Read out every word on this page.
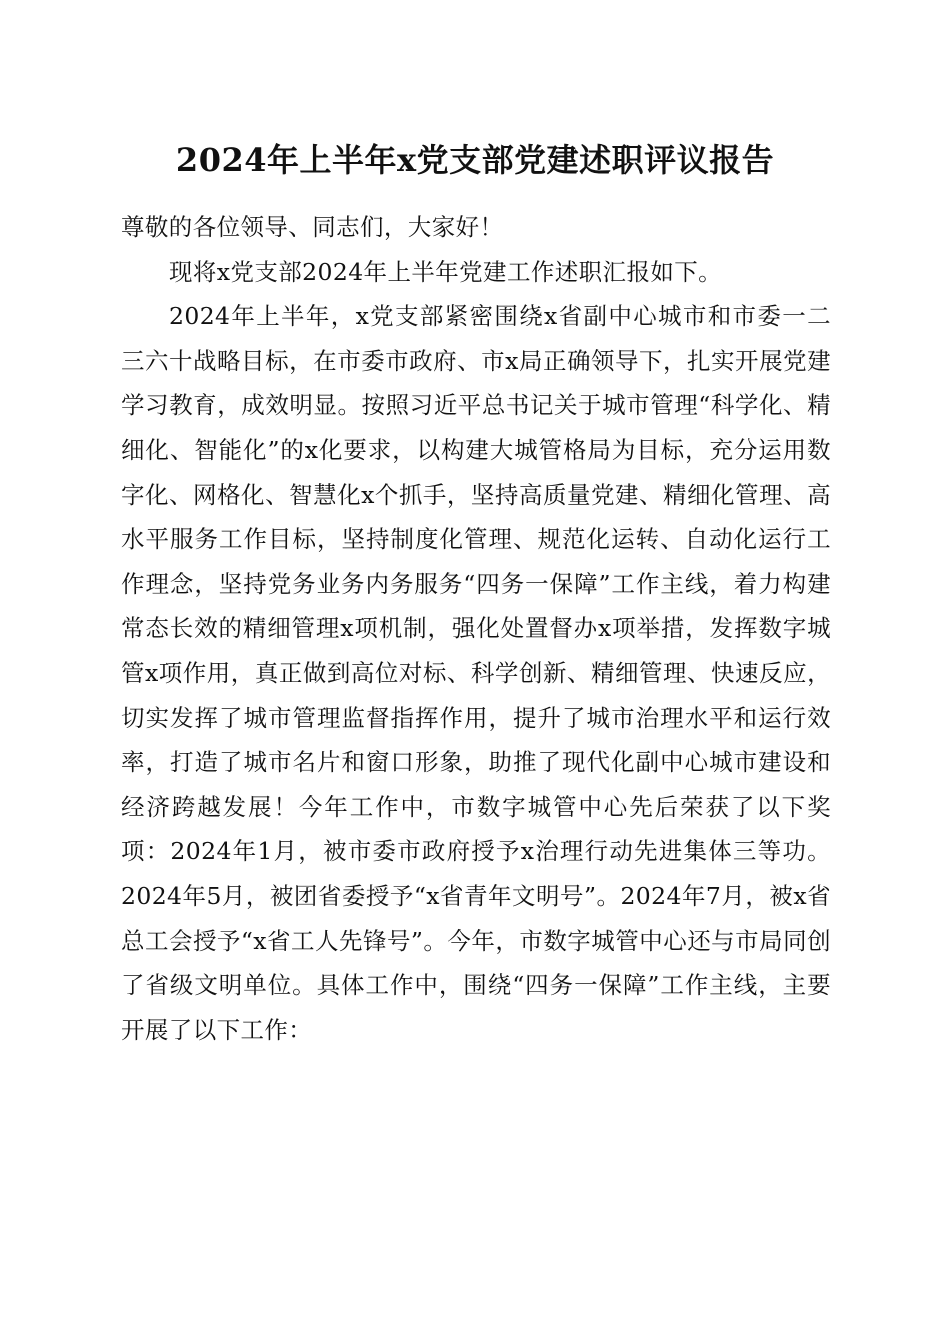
2024年上半年x党支部党建述职评议报告

尊敬的各位领导、同志们，大家好！

现将x党支部2024年上半年党建工作述职汇报如下。

2024年上半年，x党支部紧密围绕x省副中心城市和市委一二三六十战略目标，在市委市政府、市x局正确领导下，扎实开展党建学习教育，成效明显。按照习近平总书记关于城市管理“科学化、精细化、智能化”的x化要求，以构建大城管格局为目标，充分运用数字化、网格化、智慧化x个抓手，坚持高质量党建、精细化管理、高水平服务工作目标，坚持制度化管理、规范化运转、自动化运行工作理念，坚持党务业务内务服务“四务一保障”工作主线，着力构建常态长效的精细管理x项机制，强化处置督办x项举措，发挥数字城管x项作用，真正做到高位对标、科学创新、精细管理、快速反应，切实发挥了城市管理监督指挥作用，提升了城市治理水平和运行效率，打造了城市名片和窗口形象，助推了现代化副中心城市建设和经济跨越发展！今年工作中，市数字城管中心先后荣获了以下奖项：2024年1月，被市委市政府授予x治理行动先进集体三等功。2024年5月，被团省委授予“x省青年文明号”。2024年7月，被x省总工会授予“x省工人先锋号”。今年，市数字城管中心还与市局同创了省级文明单位。具体工作中，围绕“四务一保障”工作主线，主要开展了以下工作：
